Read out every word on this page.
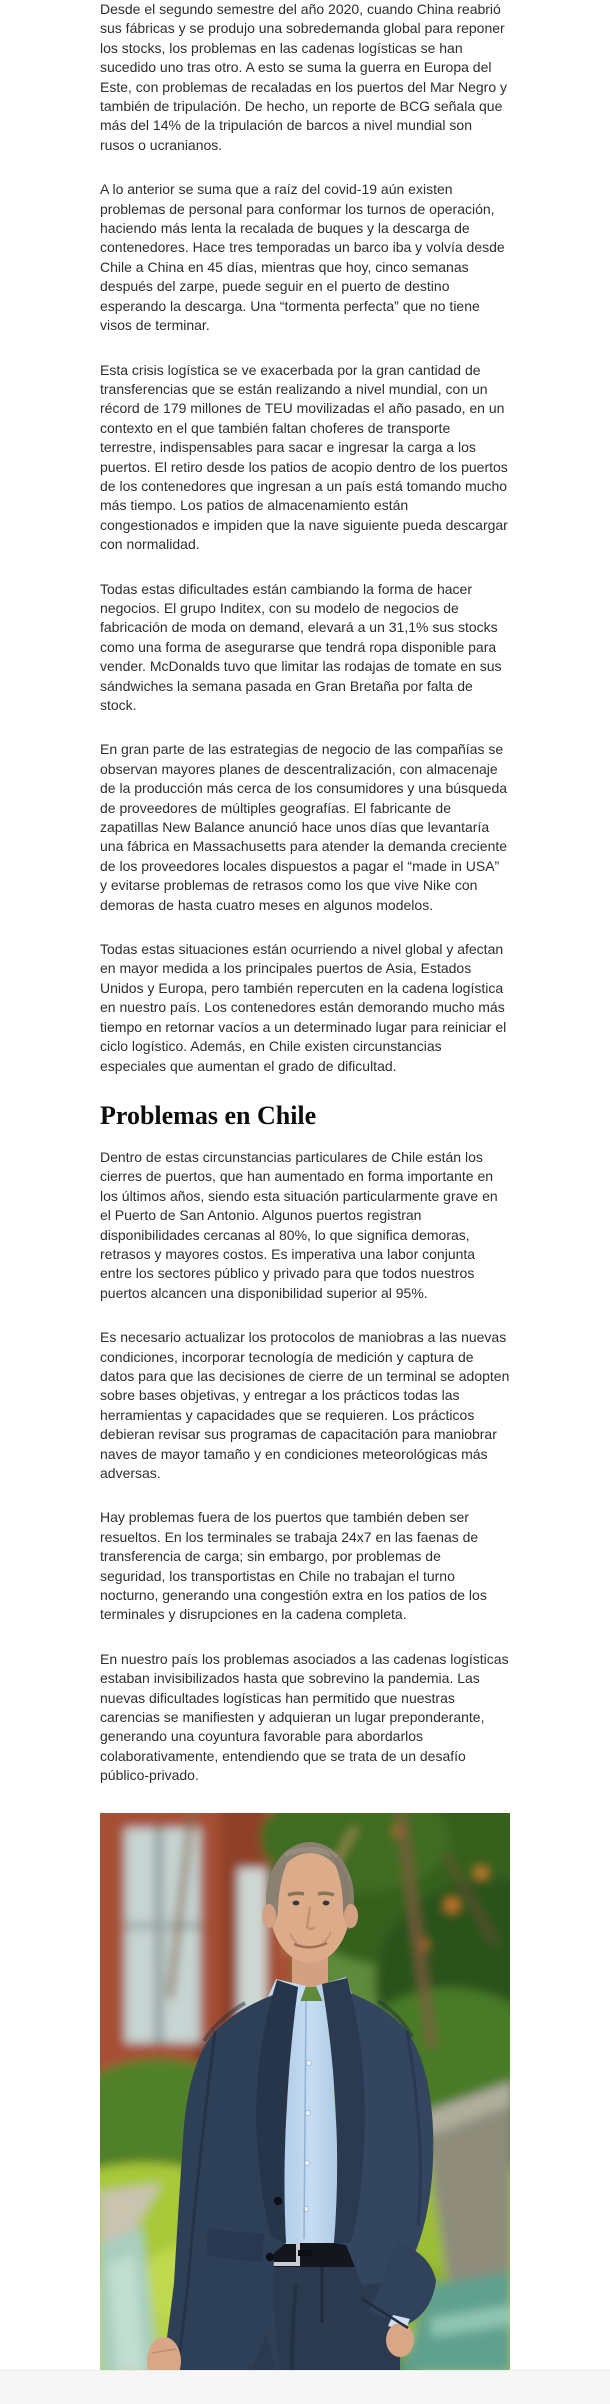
Desde el segundo semestre del año 2020, cuando China reabrió sus fábricas y se produjo una sobredemanda global para reponer los stocks, los problemas en las cadenas logísticas se han sucedido uno tras otro. A esto se suma la guerra en Europa del Este, con problemas de recaladas en los puertos del Mar Negro y también de tripulación. De hecho, un reporte de BCG señala que más del 14% de la tripulación de barcos a nivel mundial son rusos o ucranianos.

A lo anterior se suma que a raíz del covid-19 aún existen problemas de personal para conformar los turnos de operación, haciendo más lenta la recalada de buques y la descarga de contenedores. Hace tres temporadas un barco iba y volvía desde Chile a China en 45 días, mientras que hoy, cinco semanas después del zarpe, puede seguir en el puerto de destino esperando la descarga. Una “tormenta perfecta” que no tiene visos de terminar.

Esta crisis logística se ve exacerbada por la gran cantidad de transferencias que se están realizando a nivel mundial, con un récord de 179 millones de TEU movilizadas el año pasado, en un contexto en el que también faltan choferes de transporte terrestre, indispensables para sacar e ingresar la carga a los puertos. El retiro desde los patios de acopio dentro de los puertos de los contenedores que ingresan a un país está tomando mucho más tiempo. Los patios de almacenamiento están congestionados e impiden que la nave siguiente pueda descargar con normalidad.

Todas estas dificultades están cambiando la forma de hacer negocios. El grupo Inditex, con su modelo de negocios de fabricación de moda on demand, elevará a un 31,1% sus stocks como una forma de asegurarse que tendrá ropa disponible para vender. McDonalds tuvo que limitar las rodajas de tomate en sus sándwiches la semana pasada en Gran Bretaña por falta de stock.

En gran parte de las estrategias de negocio de las compañías se observan mayores planes de descentralización, con almacenaje de la producción más cerca de los consumidores y una búsqueda de proveedores de múltiples geografías. El fabricante de zapatillas New Balance anunció hace unos días que levantaría una fábrica en Massachusetts para atender la demanda creciente de los proveedores locales dispuestos a pagar el “made in USA” y evitarse problemas de retrasos como los que vive Nike con demoras de hasta cuatro meses en algunos modelos.

Todas estas situaciones están ocurriendo a nivel global y afectan en mayor medida a los principales puertos de Asia, Estados Unidos y Europa, pero también repercuten en la cadena logística en nuestro país. Los contenedores están demorando mucho más tiempo en retornar vacíos a un determinado lugar para reiniciar el ciclo logístico. Además, en Chile existen circunstancias especiales que aumentan el grado de dificultad.

Problemas en Chile

Dentro de estas circunstancias particulares de Chile están los cierres de puertos, que han aumentado en forma importante en los últimos años, siendo esta situación particularmente grave en el Puerto de San Antonio. Algunos puertos registran disponibilidades cercanas al 80%, lo que significa demoras, retrasos y mayores costos. Es imperativa una labor conjunta entre los sectores público y privado para que todos nuestros puertos alcancen una disponibilidad superior al 95%.

Es necesario actualizar los protocolos de maniobras a las nuevas condiciones, incorporar tecnología de medición y captura de datos para que las decisiones de cierre de un terminal se adopten sobre bases objetivas, y entregar a los prácticos todas las herramientas y capacidades que se requieren. Los prácticos debieran revisar sus programas de capacitación para maniobrar naves de mayor tamaño y en condiciones meteorológicas más adversas.

Hay problemas fuera de los puertos que también deben ser resueltos. En los terminales se trabaja 24x7 en las faenas de transferencia de carga; sin embargo, por problemas de seguridad, los transportistas en Chile no trabajan el turno nocturno, generando una congestión extra en los patios de los terminales y disrupciones en la cadena completa.

En nuestro país los problemas asociados a las cadenas logísticas estaban invisibilizados hasta que sobrevino la pandemia. Las nuevas dificultades logísticas han permitido que nuestras carencias se manifiesten y adquieran un lugar preponderante, generando una coyuntura favorable para abordarlos colaborativamente, entendiendo que se trata de un desafío público-privado.
